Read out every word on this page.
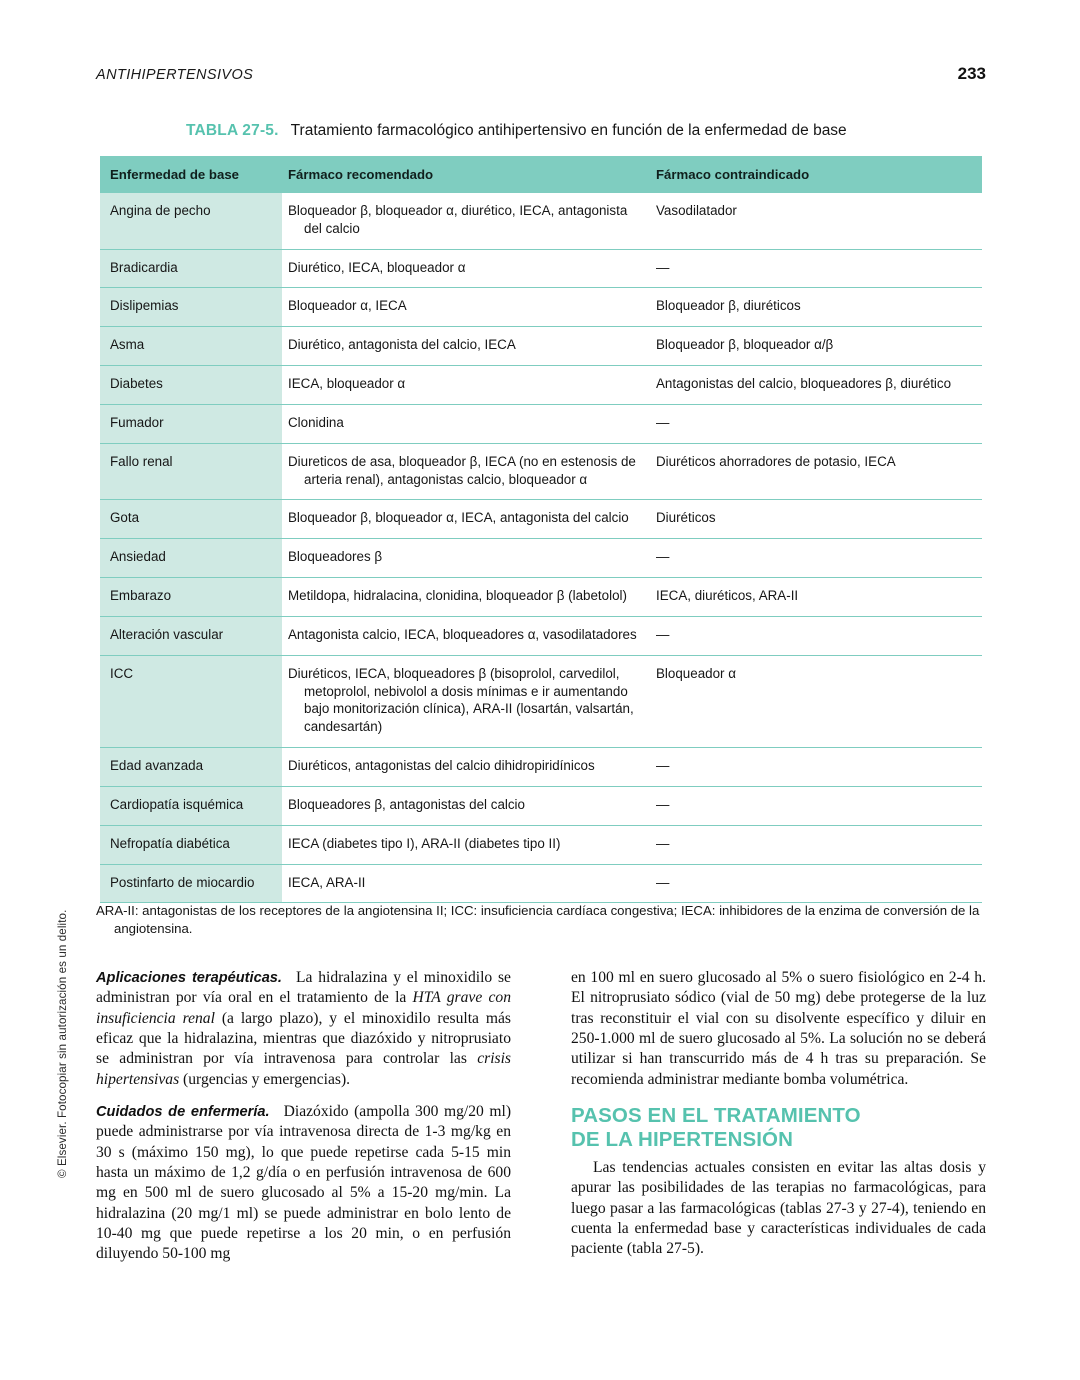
ANTIHIPERTENSIVOS	233
TABLA 27-5. Tratamiento farmacológico antihipertensivo en función de la enfermedad de base
Enfermedad de base	Fármaco recomendado	Fármaco contraindicado
Angina de pecho	Bloqueador β, bloqueador α, diurético, IECA, antagonista del calcio	Vasodilatador
Bradicardia	Diurético, IECA, bloqueador α	—
Dislipemias	Bloqueador α, IECA	Bloqueador β, diuréticos
Asma	Diurético, antagonista del calcio, IECA	Bloqueador β, bloqueador α/β
Diabetes	IECA, bloqueador α	Antagonistas del calcio, bloqueadores β, diurético
Fumador	Clonidina	—
Fallo renal	Diureticos de asa, bloqueador β, IECA (no en estenosis de arteria renal), antagonistas calcio, bloqueador α	Diuréticos ahorradores de potasio, IECA
Gota	Bloqueador β, bloqueador α, IECA, antagonista del calcio	Diuréticos
Ansiedad	Bloqueadores β	—
Embarazo	Metildopa, hidralacina, clonidina, bloqueador β (labetolol)	IECA, diuréticos, ARA-II
Alteración vascular	Antagonista calcio, IECA, bloqueadores α, vasodilatadores	—
ICC	Diuréticos, IECA, bloqueadores β (bisoprolol, carvedilol, metoprolol, nebivolol a dosis mínimas e ir aumentando bajo monitorización clínica), ARA-II (losartán, valsartán, candesartán)	Bloqueador α
Edad avanzada	Diuréticos, antagonistas del calcio dihidropiridínicos	—
Cardiopatía isquémica	Bloqueadores β, antagonistas del calcio	—
Nefropatía diabética	IECA (diabetes tipo I), ARA-II (diabetes tipo II)	—
Postinfarto de miocardio	IECA, ARA-II	—
ARA-II: antagonistas de los receptores de la angiotensina II; ICC: insuficiencia cardíaca congestiva; IECA: inhibidores de la enzima de conversión de la angiotensina.

Aplicaciones terapéuticas. La hidralazina y el minoxidilo se administran por vía oral en el tratamiento de la HTA grave con insuficiencia renal (a largo plazo), y el minoxidilo resulta más eficaz que la hidralazina, mientras que diazóxido y nitroprusiato se administran por vía intravenosa para controlar las crisis hipertensivas (urgencias y emergencias).

Cuidados de enfermería. Diazóxido (ampolla 300 mg/20 ml) puede administrarse por vía intravenosa directa de 1-3 mg/kg en 30 s (máximo 150 mg), lo que puede repetirse cada 5-15 min hasta un máximo de 1,2 g/día o en perfusión intravenosa de 600 mg en 500 ml de suero glucosado al 5% a 15-20 mg/min. La hidralazina (20 mg/1 ml) se puede administrar en bolo lento de 10-40 mg que puede repetirse a los 20 min, o en perfusión diluyendo 50-100 mg

en 100 ml en suero glucosado al 5% o suero fisiológico en 2-4 h. El nitroprusiato sódico (vial de 50 mg) debe protegerse de la luz tras reconstituir el vial con su disolvente específico y diluir en 250-1.000 ml de suero glucosado al 5%. La solución no se deberá utilizar si han transcurrido más de 4 h tras su preparación. Se recomienda administrar mediante bomba volumétrica.

PASOS EN EL TRATAMIENTO
DE LA HIPERTENSIÓN

Las tendencias actuales consisten en evitar las altas dosis y apurar las posibilidades de las terapias no farmacológicas, para luego pasar a las farmacológicas (tablas 27-3 y 27-4), teniendo en cuenta la enfermedad base y características individuales de cada paciente (tabla 27-5).

© Elsevier. Fotocopiar sin autorización es un delito.
